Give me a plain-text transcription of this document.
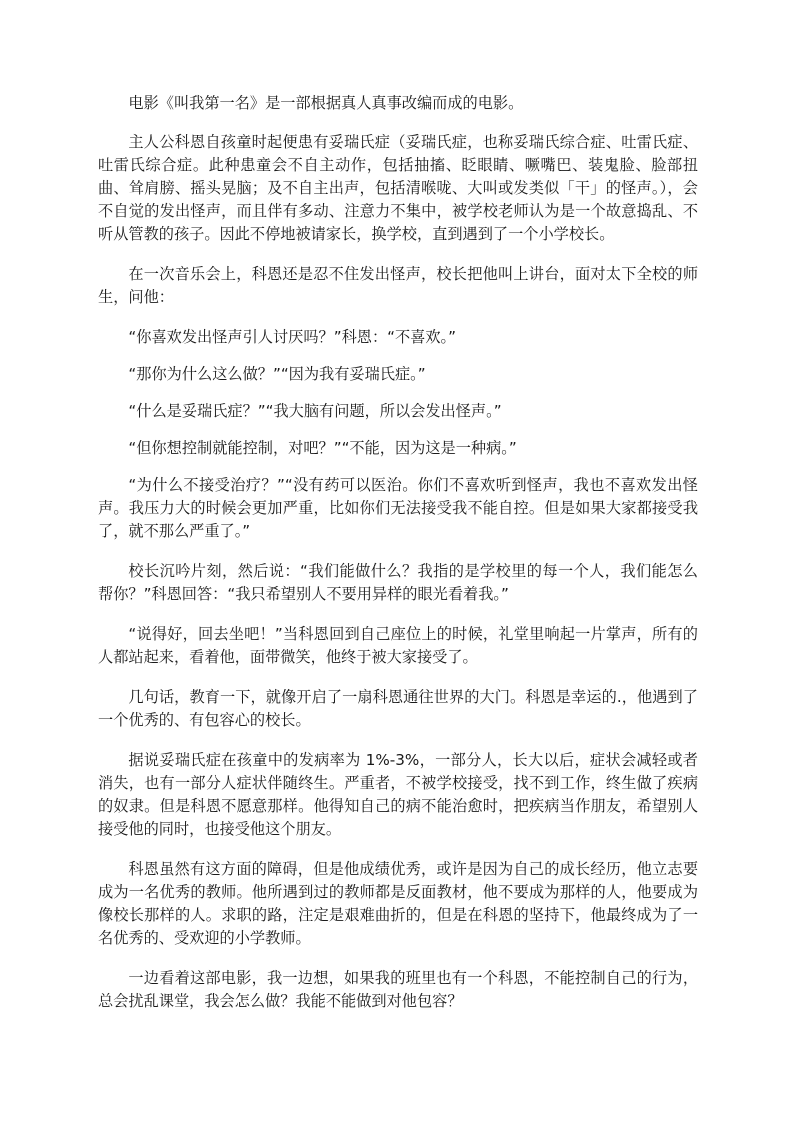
电影《叫我第一名》是一部根据真人真事改编而成的电影。

主人公科恩自孩童时起便患有妥瑞氏症（妥瑞氏症，也称妥瑞氏综合症、吐雷氏症、吐雷氏综合症。此种患童会不自主动作，包括抽搐、眨眼睛、噘嘴巴、装鬼脸、脸部扭曲、耸肩膀、摇头晃脑；及不自主出声，包括清喉咙、大叫或发类似「干」的怪声。），会不自觉的发出怪声，而且伴有多动、注意力不集中，被学校老师认为是一个故意捣乱、不听从管教的孩子。因此不停地被请家长，换学校，直到遇到了一个小学校长。

在一次音乐会上，科恩还是忍不住发出怪声，校长把他叫上讲台，面对太下全校的师生，问他：

“你喜欢发出怪声引人讨厌吗？”科恩：“不喜欢。”

“那你为什么这么做？”“因为我有妥瑞氏症。”

“什么是妥瑞氏症？”“我大脑有问题，所以会发出怪声。”

“但你想控制就能控制，对吧？”“不能，因为这是一种病。”

“为什么不接受治疗？”“没有药可以医治。你们不喜欢听到怪声，我也不喜欢发出怪声。我压力大的时候会更加严重，比如你们无法接受我不能自控。但是如果大家都接受我了，就不那么严重了。”

校长沉吟片刻，然后说：“我们能做什么？我指的是学校里的每一个人，我们能怎么帮你？”科恩回答：“我只希望别人不要用异样的眼光看着我。”

“说得好，回去坐吧！”当科恩回到自己座位上的时候，礼堂里响起一片掌声，所有的人都站起来，看着他，面带微笑，他终于被大家接受了。

几句话，教育一下，就像开启了一扇科恩通往世界的大门。科恩是幸运的.，他遇到了一个优秀的、有包容心的校长。

据说妥瑞氏症在孩童中的发病率为 1%-3%，一部分人，长大以后，症状会减轻或者消失，也有一部分人症状伴随终生。严重者，不被学校接受，找不到工作，终生做了疾病的奴隶。但是科恩不愿意那样。他得知自己的病不能治愈时，把疾病当作朋友，希望别人接受他的同时，也接受他这个朋友。

科恩虽然有这方面的障碍，但是他成绩优秀，或许是因为自己的成长经历，他立志要成为一名优秀的教师。他所遇到过的教师都是反面教材，他不要成为那样的人，他要成为像校长那样的人。求职的路，注定是艰难曲折的，但是在科恩的坚持下，他最终成为了一名优秀的、受欢迎的小学教师。

一边看着这部电影，我一边想，如果我的班里也有一个科恩，不能控制自己的行为，总会扰乱课堂，我会怎么做？我能不能做到对他包容？
